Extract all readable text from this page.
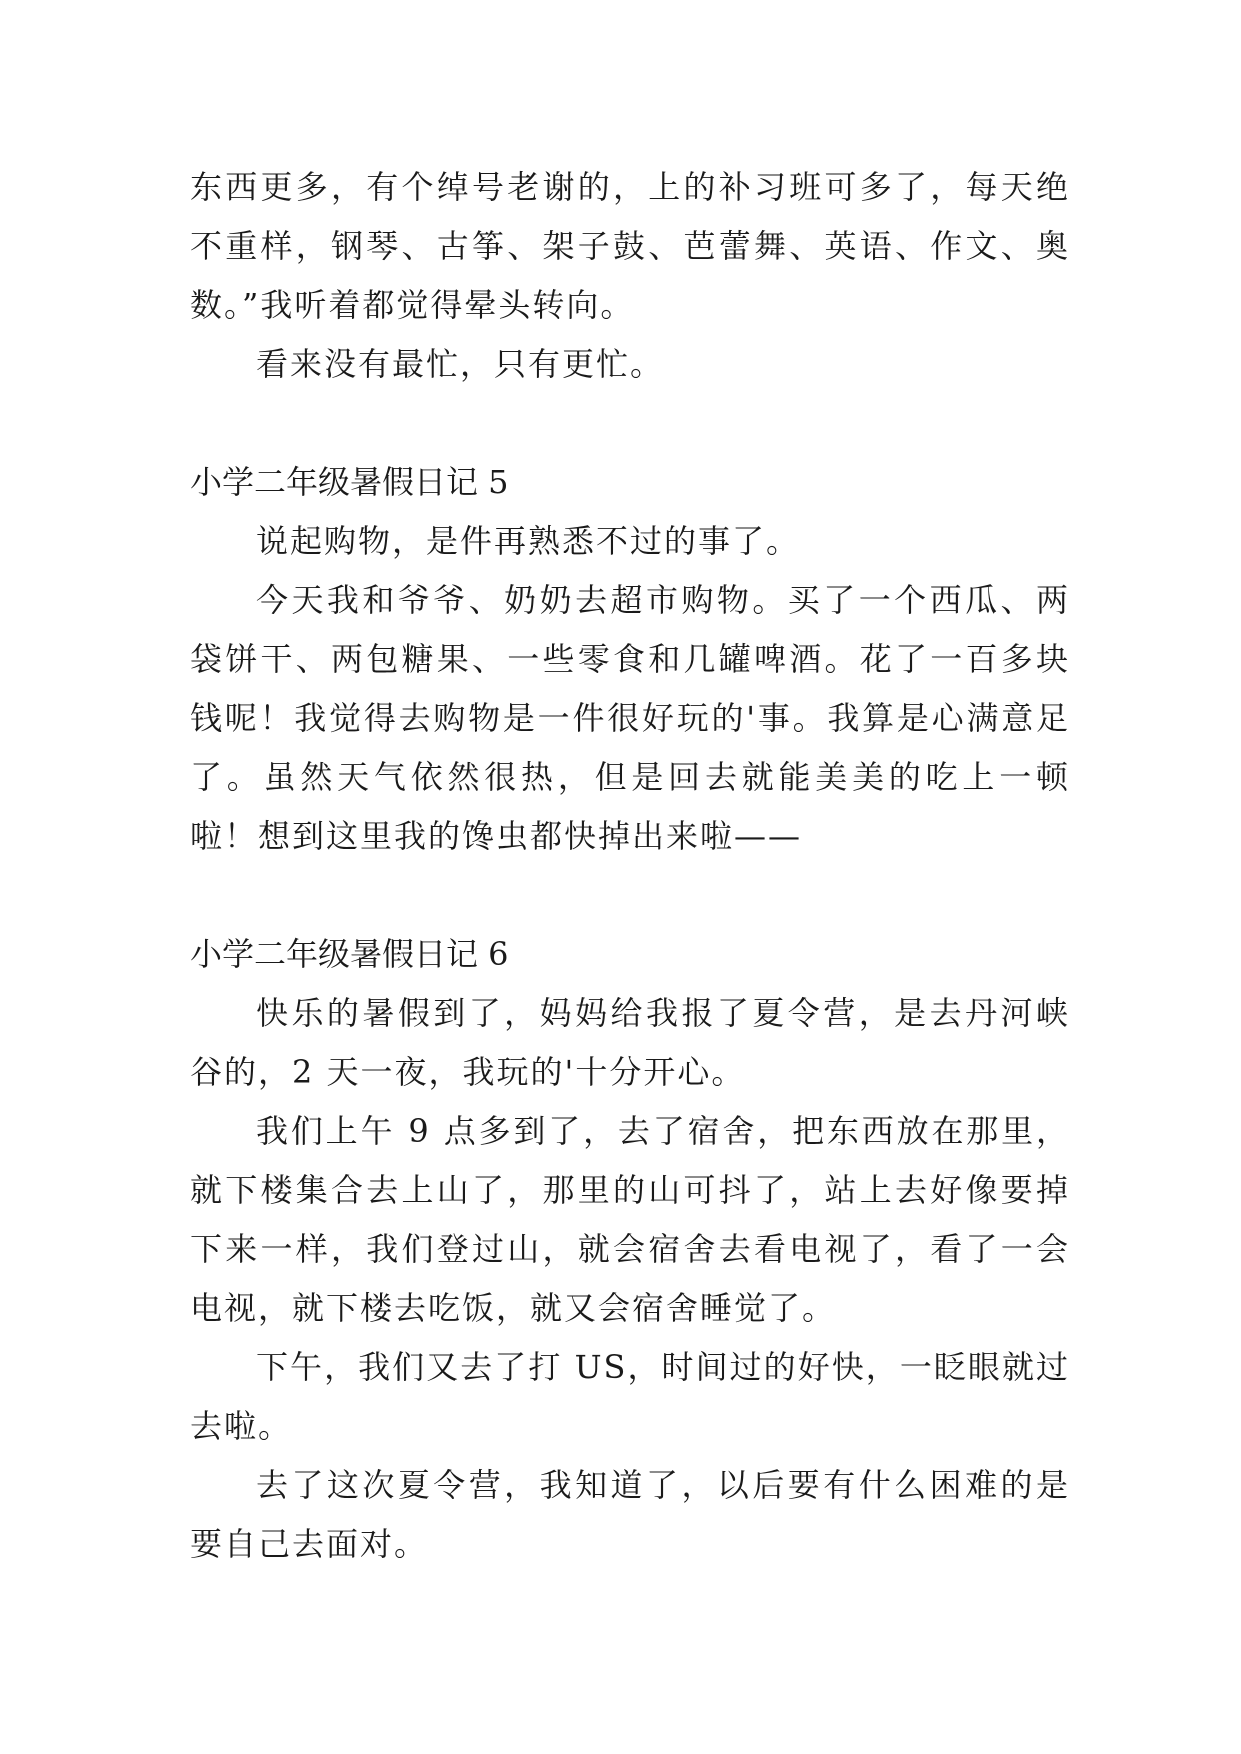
东西更多，有个绰号老谢的，上的补习班可多了，每天绝不重样，钢琴、古筝、架子鼓、芭蕾舞、英语、作文、奥数。”我听着都觉得晕头转向。

看来没有最忙，只有更忙。

小学二年级暑假日记 5

说起购物，是件再熟悉不过的事了。

今天我和爷爷、奶奶去超市购物。买了一个西瓜、两袋饼干、两包糖果、一些零食和几罐啤酒。花了一百多块钱呢！我觉得去购物是一件很好玩的'事。我算是心满意足了。虽然天气依然很热，但是回去就能美美的吃上一顿啦！想到这里我的馋虫都快掉出来啦——

小学二年级暑假日记 6

快乐的暑假到了，妈妈给我报了夏令营，是去丹河峡谷的，2 天一夜，我玩的'十分开心。

我们上午 9 点多到了，去了宿舍，把东西放在那里，就下楼集合去上山了，那里的山可抖了，站上去好像要掉下来一样，我们登过山，就会宿舍去看电视了，看了一会电视，就下楼去吃饭，就又会宿舍睡觉了。

下午，我们又去了打 US，时间过的好快，一眨眼就过去啦。

去了这次夏令营，我知道了，以后要有什么困难的是要自己去面对。
